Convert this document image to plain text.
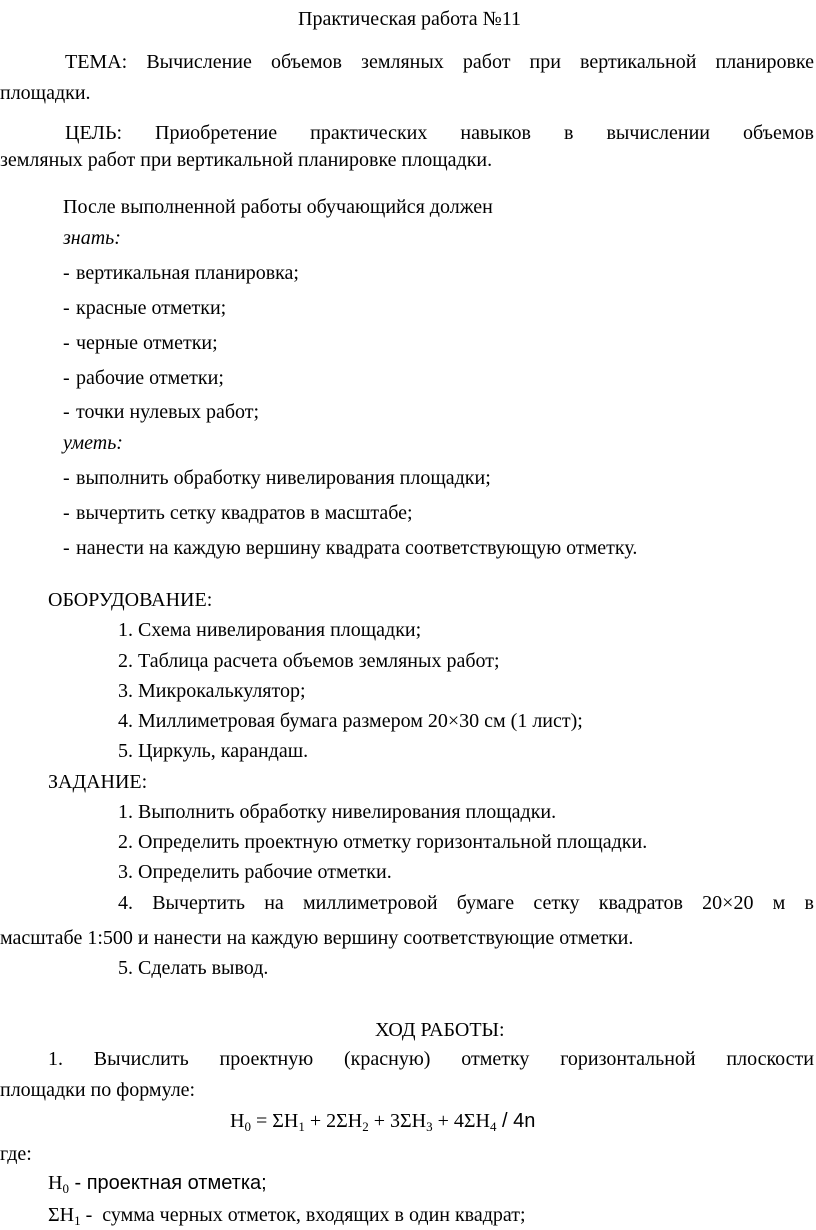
Практическая работа №11
ТЕМА: Вычисление объемов земляных работ при вертикальной планировке
площадки.
ЦЕЛЬ: Приобретение практических навыков в вычислении объемов
земляных работ при вертикальной планировке площадки.
После выполненной работы обучающийся должен
знать:
- вертикальная планировка;
- красные отметки;
- черные отметки;
- рабочие отметки;
- точки нулевых работ;
уметь:
- выполнить обработку нивелирования площадки;
- вычертить сетку квадратов в масштабе;
- нанести на каждую вершину квадрата соответствующую отметку.
ОБОРУДОВАНИЕ:
1. Схема нивелирования площадки;
2. Таблица расчета объемов земляных работ;
3. Микрокалькулятор;
4. Миллиметровая бумага размером 20×30 см (1 лист);
5. Циркуль, карандаш.
ЗАДАНИЕ:
1. Выполнить обработку нивелирования площадки.
2. Определить проектную отметку горизонтальной площадки.
3. Определить рабочие отметки.
4. Вычертить на миллиметровой бумаге сетку квадратов 20×20 м в
масштабе 1:500 и нанести на каждую вершину соответствующие отметки.
5. Сделать вывод.
ХОД РАБОТЫ:
1. Вычислить проектную (красную) отметку горизонтальной плоскости
площадки по формуле:
$H_0 = \Sigma H_1 + 2\Sigma H_2 + 3\Sigma H_3 + 4\Sigma H_4 / 4n$
где:
$H_0$ - проектная отметка;
$\Sigma H_1$ -  сумма черных отметок, входящих в один квадрат;
